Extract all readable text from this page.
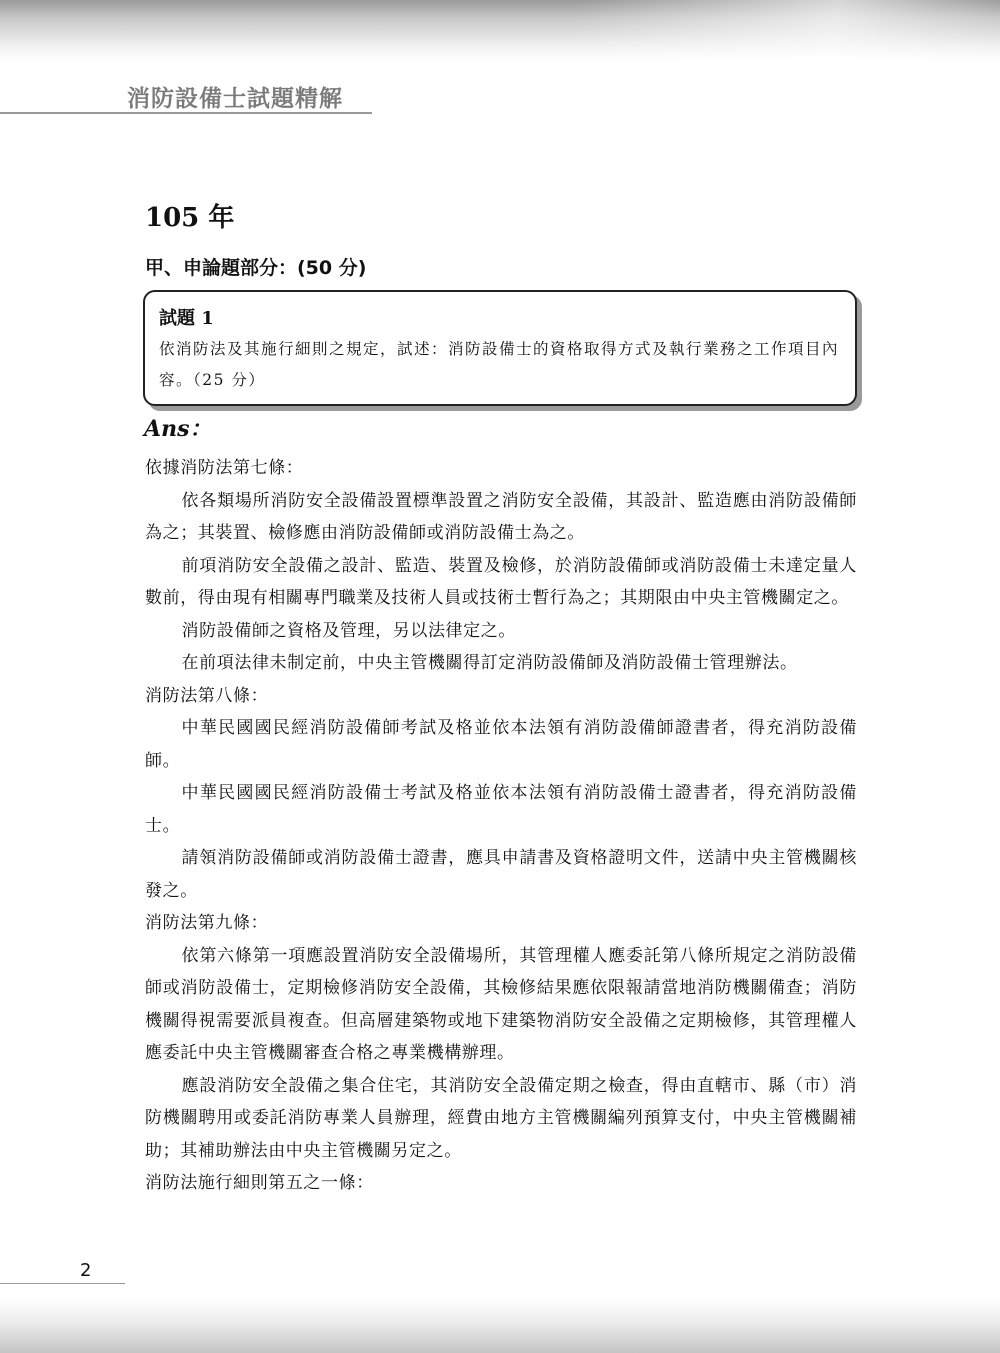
消防設備士試題精解
105 年
甲、申論題部分：(50 分)
試題 1
依消防法及其施行細則之規定，試述：消防設備士的資格取得方式及執行業務之工作項目內容。（25 分）
Ans：

依據消防法第七條：

依各類場所消防安全設備設置標準設置之消防安全設備，其設計、監造應由消防設備師為之；其裝置、檢修應由消防設備師或消防設備士為之。

前項消防安全設備之設計、監造、裝置及檢修，於消防設備師或消防設備士未達定量人數前，得由現有相關專門職業及技術人員或技術士暫行為之；其期限由中央主管機關定之。

消防設備師之資格及管理，另以法律定之。

在前項法律未制定前，中央主管機關得訂定消防設備師及消防設備士管理辦法。

消防法第八條：

中華民國國民經消防設備師考試及格並依本法領有消防設備師證書者，得充消防設備師。

中華民國國民經消防設備士考試及格並依本法領有消防設備士證書者，得充消防設備士。

請領消防設備師或消防設備士證書，應具申請書及資格證明文件，送請中央主管機關核發之。

消防法第九條：

依第六條第一項應設置消防安全設備場所，其管理權人應委託第八條所規定之消防設備師或消防設備士，定期檢修消防安全設備，其檢修結果應依限報請當地消防機關備查；消防機關得視需要派員複查。但高層建築物或地下建築物消防安全設備之定期檢修，其管理權人應委託中央主管機關審查合格之專業機構辦理。

應設消防安全設備之集合住宅，其消防安全設備定期之檢查，得由直轄市、縣（市）消防機關聘用或委託消防專業人員辦理，經費由地方主管機關編列預算支付，中央主管機關補助；其補助辦法由中央主管機關另定之。

消防法施行細則第五之一條：

2
